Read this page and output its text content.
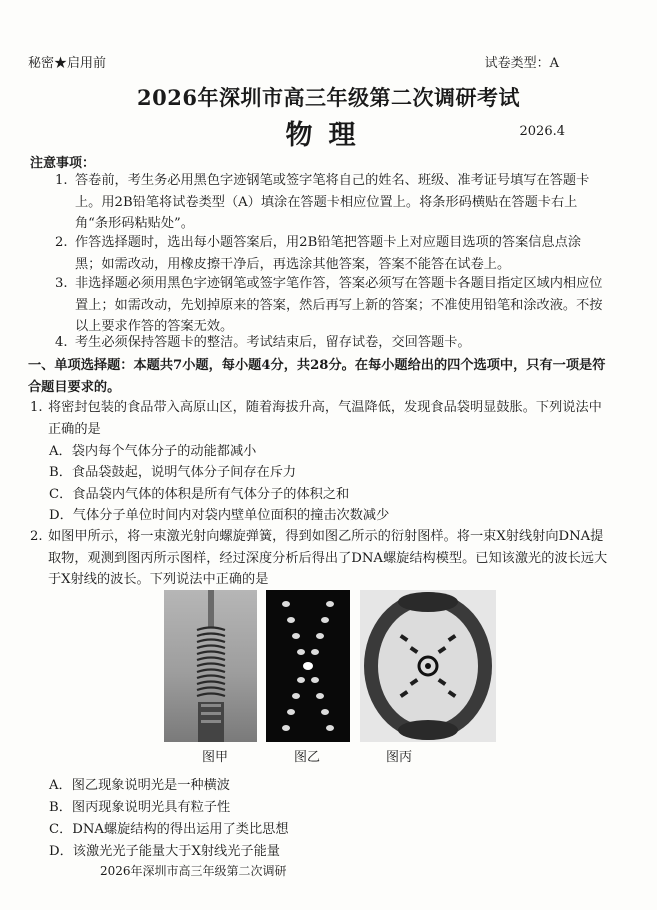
秘密★启用前	试卷类型：A
2026年深圳市高三年级第二次调研考试
物理	2026.4
注意事项：
1. 答卷前，考生务必用黑色字迹钢笔或签字笔将自己的姓名、班级、准考证号填写在答题卡上。用2B铅笔将试卷类型（A）填涂在答题卡相应位置上。将条形码横贴在答题卡右上角“条形码粘贴处”。
2. 作答选择题时，选出每小题答案后，用2B铅笔把答题卡上对应题目选项的答案信息点涂黑；如需改动，用橡皮擦干净后，再选涂其他答案，答案不能答在试卷上。
3. 非选择题必须用黑色字迹钢笔或签字笔作答，答案必须写在答题卡各题目指定区域内相应位置上；如需改动，先划掉原来的答案，然后再写上新的答案；不准使用铅笔和涂改液。不按以上要求作答的答案无效。
4. 考生必须保持答题卡的整洁。考试结束后，留存试卷，交回答题卡。
一、单项选择题：本题共7小题，每小题4分，共28分。在每小题给出的四个选项中，只有一项是符合题目要求的。
1. 将密封包装的食品带入高原山区，随着海拔升高，气温降低，发现食品袋明显鼓胀。下列说法中正确的是
A．袋内每个气体分子的动能都减小
B．食品袋鼓起，说明气体分子间存在斥力
C．食品袋内气体的体积是所有气体分子的体积之和
D．气体分子单位时间内对袋内壁单位面积的撞击次数减少
2. 如图甲所示，将一束激光射向螺旋弹簧，得到如图乙所示的衍射图样。将一束X射线射向DNA提取物，观测到图丙所示图样，经过深度分析后得出了DNA螺旋结构模型。已知该激光的波长远大于X射线的波长。下列说法中正确的是
图甲	图乙	图丙
A．图乙现象说明光是一种横波
B．图丙现象说明光具有粒子性
C．DNA螺旋结构的得出运用了类比思想
D．该激光光子能量大于X射线光子能量
2026年深圳市高三年级第二次调研
